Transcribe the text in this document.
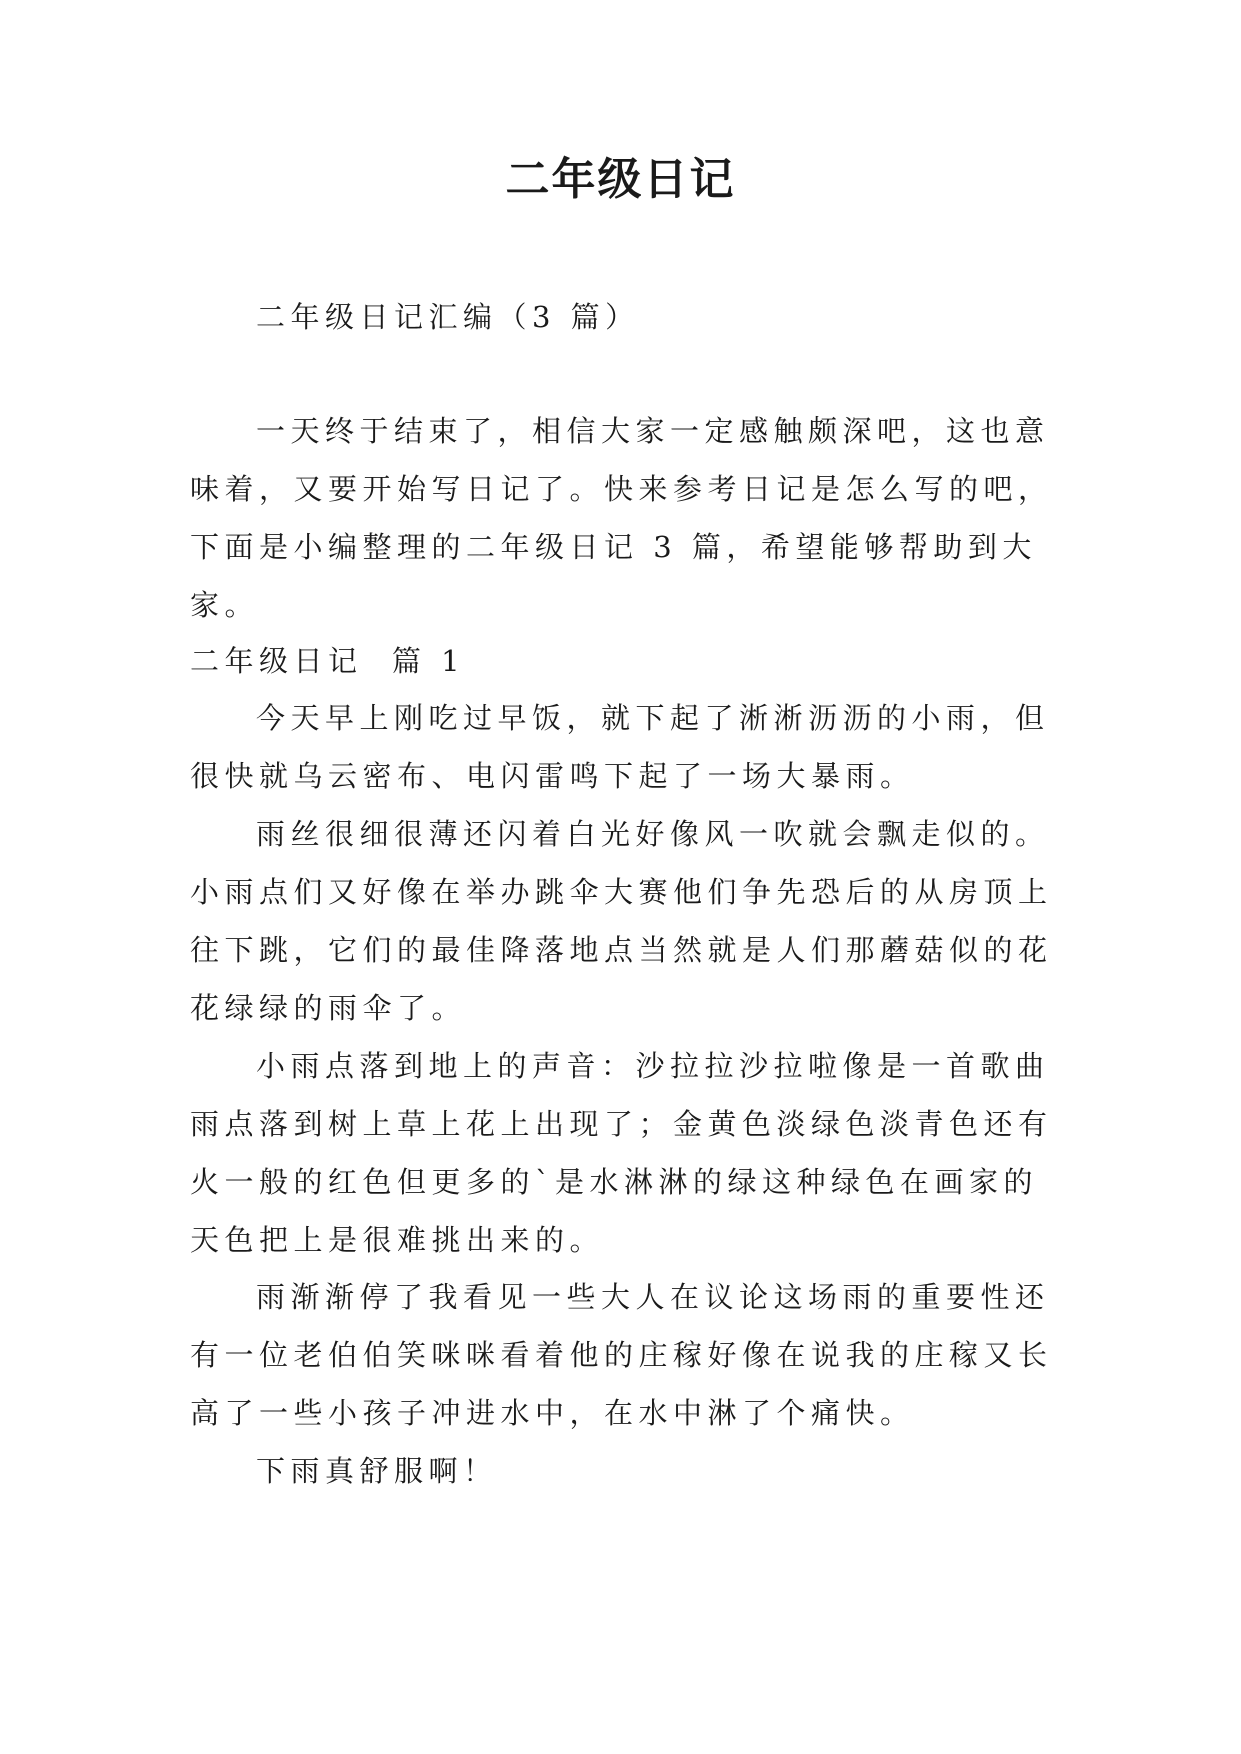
二年级日记

二年级日记汇编（3 篇）

一天终于结束了，相信大家一定感触颇深吧，这也意味着，又要开始写日记了。快来参考日记是怎么写的吧，下面是小编整理的二年级日记 3 篇，希望能够帮助到大家。

二年级日记  篇 1

今天早上刚吃过早饭，就下起了淅淅沥沥的小雨，但很快就乌云密布、电闪雷鸣下起了一场大暴雨。

雨丝很细很薄还闪着白光好像风一吹就会飘走似的。小雨点们又好像在举办跳伞大赛他们争先恐后的从房顶上往下跳，它们的最佳降落地点当然就是人们那蘑菇似的花花绿绿的雨伞了。

小雨点落到地上的声音：沙拉拉沙拉啦像是一首歌曲雨点落到树上草上花上出现了；金黄色淡绿色淡青色还有火一般的红色但更多的`是水淋淋的绿这种绿色在画家的天色把上是很难挑出来的。

雨渐渐停了我看见一些大人在议论这场雨的重要性还有一位老伯伯笑咪咪看着他的庄稼好像在说我的庄稼又长高了一些小孩子冲进水中，在水中淋了个痛快。

下雨真舒服啊！
